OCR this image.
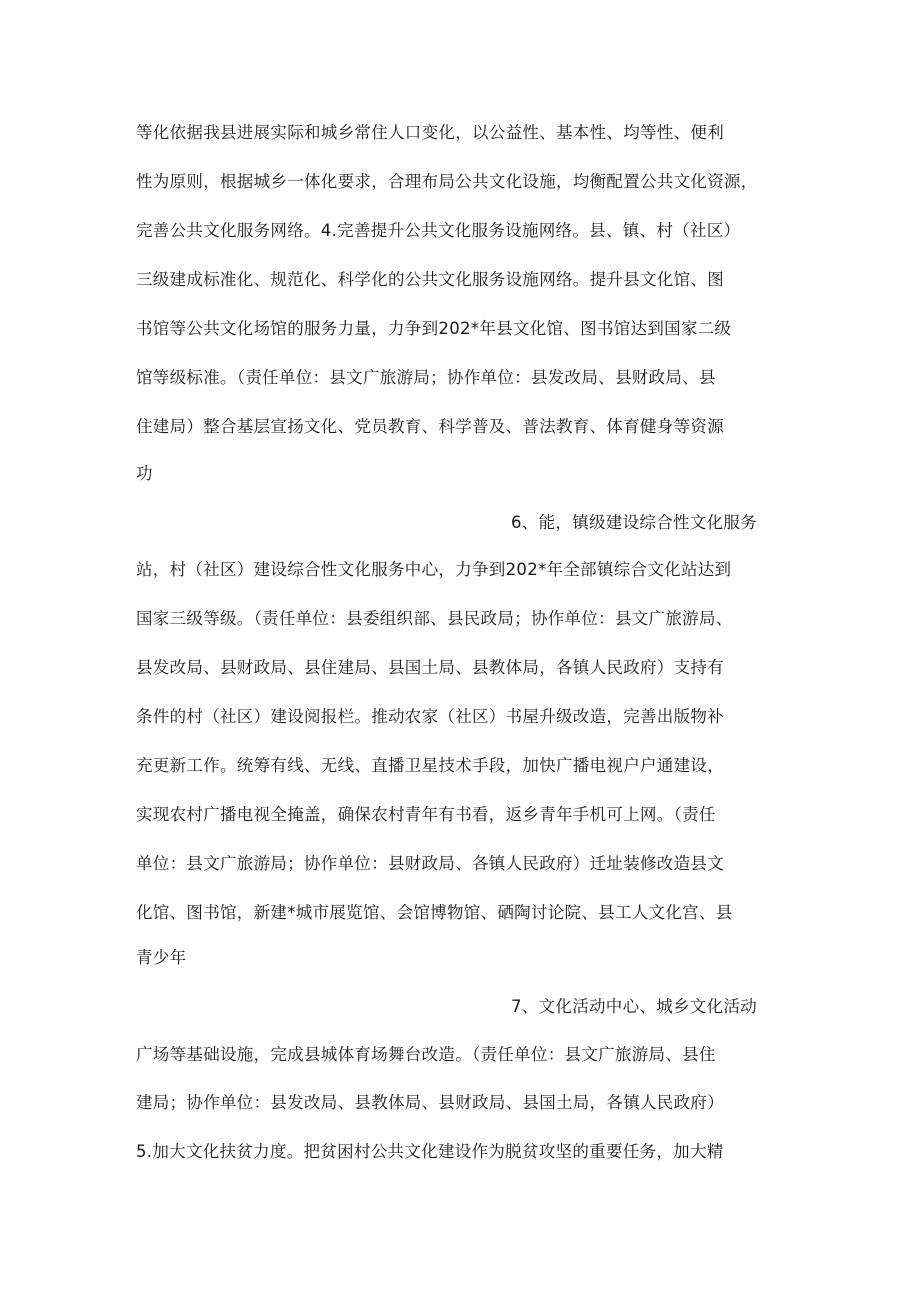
等化依据我县进展实际和城乡常住人口变化，以公益性、基本性、均等性、便利
性为原则，根据城乡一体化要求，合理布局公共文化设施，均衡配置公共文化资源，
完善公共文化服务网络。4.完善提升公共文化服务设施网络。县、镇、村（社区）
三级建成标准化、规范化、科学化的公共文化服务设施网络。提升县文化馆、图
书馆等公共文化场馆的服务力量，力争到202*年县文化馆、图书馆达到国家二级
馆等级标准。（责任单位：县文广旅游局；协作单位：县发改局、县财政局、县
住建局）整合基层宣扬文化、党员教育、科学普及、普法教育、体育健身等资源
功
6、能，镇级建设综合性文化服务
站，村（社区）建设综合性文化服务中心，力争到202*年全部镇综合文化站达到
国家三级等级。（责任单位：县委组织部、县民政局；协作单位：县文广旅游局、
县发改局、县财政局、县住建局、县国土局、县教体局，各镇人民政府）支持有
条件的村（社区）建设阅报栏。推动农家（社区）书屋升级改造，完善出版物补
充更新工作。统筹有线、无线、直播卫星技术手段，加快广播电视户户通建设，
实现农村广播电视全掩盖，确保农村青年有书看，返乡青年手机可上网。（责任
单位：县文广旅游局；协作单位：县财政局、各镇人民政府）迁址装修改造县文
化馆、图书馆，新建*城市展览馆、会馆博物馆、硒陶讨论院、县工人文化宫、县
青少年
7、文化活动中心、城乡文化活动
广场等基础设施，完成县城体育场舞台改造。（责任单位：县文广旅游局、县住
建局；协作单位：县发改局、县教体局、县财政局、县国土局，各镇人民政府）
5.加大文化扶贫力度。把贫困村公共文化建设作为脱贫攻坚的重要任务，加大精
